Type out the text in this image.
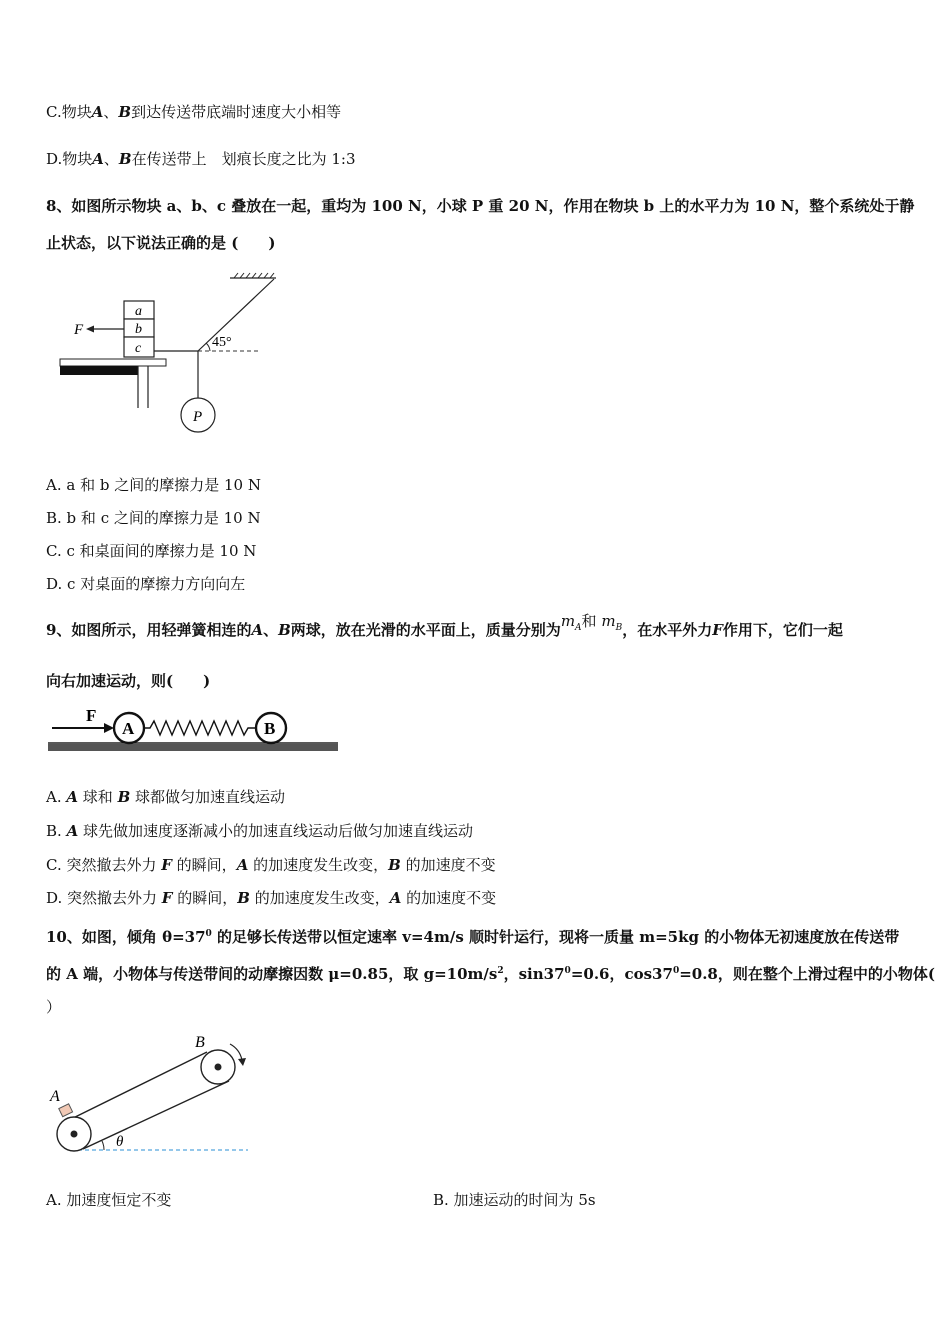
C.物块A、B到达传送带底端时速度大小相等
D.物块A、B在传送带上　划痕长度之比为 1:3
8、如图所示物块 a、b、c 叠放在一起，重均为 100 N，小球 P 重 20 N，作用在物块 b 上的水平力为 10 N，整个系统处于静
止状态，以下说法正确的是 (　　)
45°
P
a
b
c
F
A. a 和 b 之间的摩擦力是 10 N
B. b 和 c 之间的摩擦力是 10 N
C. c 和桌面间的摩擦力是 10 N
D. c 对桌面的摩擦力方向向左
9、如图所示，用轻弹簧相连的A、B两球，放在光滑的水平面上，质量分别为$m_A$和 $m_B$，在水平外力F作用下，它们一起
向右加速运动，则(　　)
F
A	B
A. A 球和 B 球都做匀加速直线运动
B. A 球先做加速度逐渐减小的加速直线运动后做匀加速直线运动
C. 突然撤去外力 F 的瞬间，A 的加速度发生改变，B 的加速度不变
D. 突然撤去外力 F 的瞬间，B 的加速度发生改变，A 的加速度不变
10、如图，倾角 $\theta=37^0$ 的足够长传送带以恒定速率 v=4m/s 顺时针运行，现将一质量 m=5kg 的小物体无初速度放在传送带
的 A 端，小物体与传送带间的动摩擦因数 μ=0.85，取 $g=10m/s^2$，$\sin 37^0=0.6$，$\cos 37^0=0.8$，则在整个上滑过程中的小物体(
）
A
B
θ
A. 加速度恒定不变	B. 加速运动的时间为 5s
